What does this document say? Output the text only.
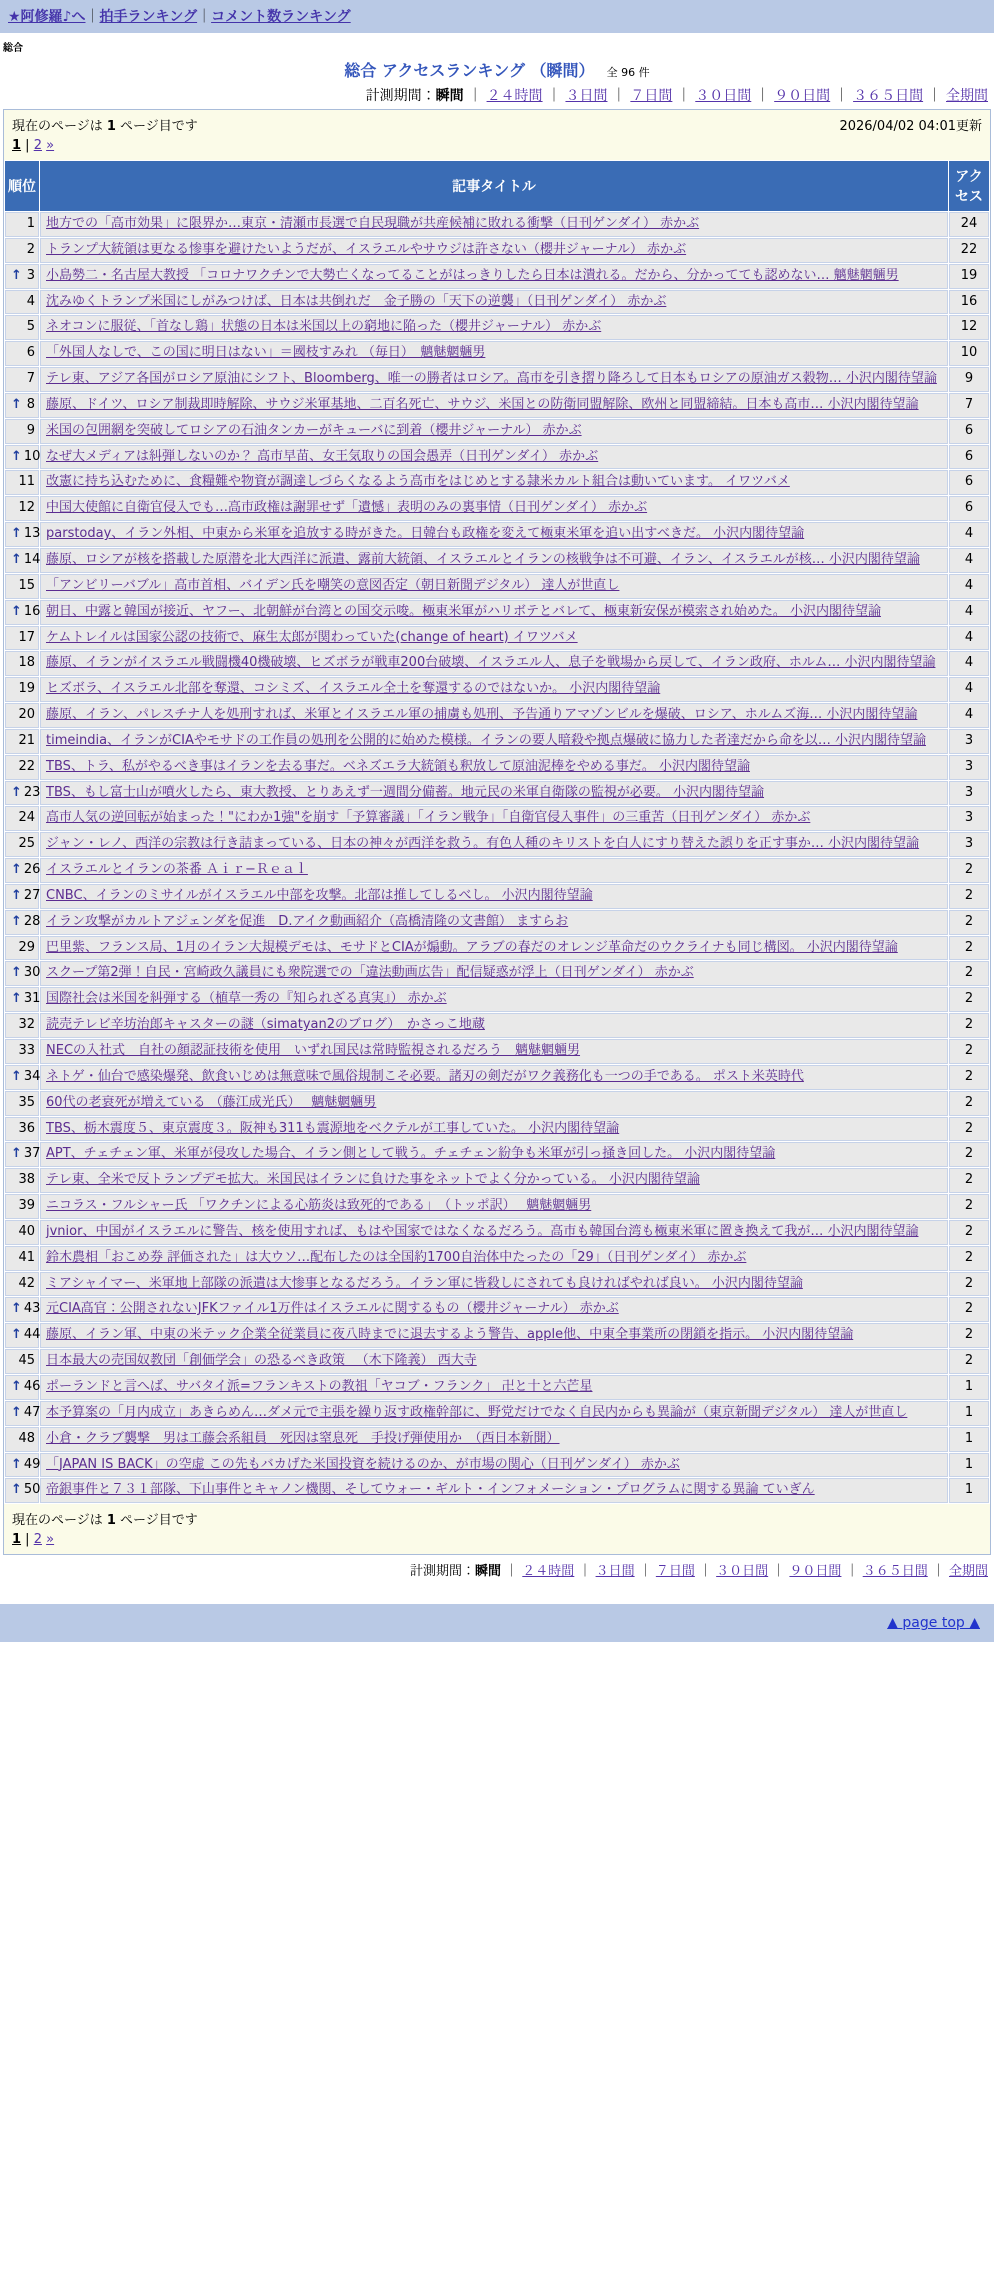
★阿修羅♪へ｜拍手ランキング｜コメント数ランキング
総合
総合 アクセスランキング （瞬間） 全 96 件
計測期間：瞬間 ｜ ２４時間 ｜ ３日間 ｜ ７日間 ｜ ３０日間 ｜ ９０日間 ｜ ３６５日間 ｜ 全期間
現在のページは 1 ページ目です	2026/04/02 04:01更新
1 | 2 »
順位	記事タイトル	アクセス
1	地方での「高市効果」に限界か…東京・清瀬市長選で自民現職が共産候補に敗れる衝撃（日刊ゲンダイ） 赤かぶ	24
2	トランプ大統領は更なる惨事を避けたいようだが、イスラエルやサウジは許さない（櫻井ジャーナル） 赤かぶ	22

↑ 3	小島勢二・名古屋大教授 「コロナワクチンで大勢亡くなってることがはっきりしたら日本は潰れる。だから、分かってても認めない… 魑魅魍魎男	19
4	沈みゆくトランプ米国にしがみつけば、日本は共倒れだ　金子勝の「天下の逆襲」（日刊ゲンダイ） 赤かぶ	16
5	ネオコンに服従、「首なし鶏」状態の日本は米国以上の窮地に陥った（櫻井ジャーナル） 赤かぶ	12
6	「外国人なしで、この国に明日はない」＝國枝すみれ （毎日）　魑魅魍魎男	10
7	テレ東、アジア各国がロシア原油にシフト、Bloomberg、唯一の勝者はロシア。高市を引き摺り降ろして日本もロシアの原油ガス穀物… 小沢内閣待望論	9

↑ 8	藤原、ドイツ、ロシア制裁即時解除、サウジ米軍基地、二百名死亡、サウジ、米国との防衛同盟解除、欧州と同盟締結。日本も高市… 小沢内閣待望論	7
9	米国の包囲網を突破してロシアの石油タンカーがキューバに到着（櫻井ジャーナル） 赤かぶ	6

↑ 10	なぜ大メディアは糾弾しないのか？ 高市早苗、女王気取りの国会愚弄（日刊ゲンダイ） 赤かぶ	6
11	改憲に持ち込むために、食糧難や物資が調達しづらくなるよう高市をはじめとする隷米カルト組合は動いています。 イワツバメ	6
12	中国大使館に自衛官侵入でも…高市政権は謝罪せず「遺憾」表明のみの裏事情（日刊ゲンダイ） 赤かぶ	6

↑ 13	parstoday、イラン外相、中東から米軍を追放する時がきた。日韓台も政権を変えて極東米軍を追い出すべきだ。 小沢内閣待望論	4

↑ 14	藤原、ロシアが核を搭載した原潜を北大西洋に派遣、露前大統領、イスラエルとイランの核戦争は不可避、イラン、イスラエルが核… 小沢内閣待望論	4
15	「アンビリーバブル」高市首相、バイデン氏を嘲笑の意図否定（朝日新聞デジタル） 達人が世直し	4

↑ 16	朝日、中露と韓国が接近、ヤフー、北朝鮮が台湾との国交示唆。極東米軍がハリボテとバレて、極東新安保が模索され始めた。 小沢内閣待望論	4
17	ケムトレイルは国家公認の技術で、麻生太郎が関わっていた(change of heart) イワツバメ	4
18	藤原、イランがイスラエル戦闘機40機破壊、ヒズボラが戦車200台破壊、イスラエル人、息子を戦場から戻して、イラン政府、ホルム… 小沢内閣待望論	4
19	ヒズボラ、イスラエル北部を奪還、コシミズ、イスラエル全土を奪還するのではないか。 小沢内閣待望論	4
20	藤原、イラン、パレスチナ人を処刑すれば、米軍とイスラエル軍の捕虜も処刑、予告通りアマゾンビルを爆破、ロシア、ホルムズ海… 小沢内閣待望論	4
21	timeindia、イランがCIAやモサドの工作員の処刑を公開的に始めた模様。イランの要人暗殺や拠点爆破に協力した者達だから命を以… 小沢内閣待望論	3
22	TBS、トラ、私がやるべき事はイランを去る事だ。ベネズエラ大統領も釈放して原油泥棒をやめる事だ。 小沢内閣待望論	3

↑ 23	TBS、もし富士山が噴火したら、東大教授、とりあえず一週間分備蓄。地元民の米軍自衛隊の監視が必要。 小沢内閣待望論	3
24	高市人気の逆回転が始まった！"にわか1強"を崩す「予算審議」「イラン戦争」「自衛官侵入事件」の三重苦（日刊ゲンダイ） 赤かぶ	3
25	ジャン・レノ、西洋の宗教は行き詰まっている、日本の神々が西洋を救う。有色人種のキリストを白人にすり替えた誤りを正す事か… 小沢内閣待望論	3

↑ 26	イスラエルとイランの茶番 Ａｉｒ−Ｒｅａｌ	2

↑ 27	CNBC、イランのミサイルがイスラエル中部を攻撃。北部は推してしるべし。 小沢内閣待望論	2

↑ 28	イラン攻撃がカルトアジェンダを促進　D.アイク動画紹介（高橋清隆の文書館） ますらお	2
29	巴里紫、フランス局、1月のイラン大規模デモは、モサドとCIAが煽動。アラブの春だのオレンジ革命だのウクライナも同じ構図。 小沢内閣待望論	2

↑ 30	スクープ第2弾！自民・宮崎政久議員にも衆院選での「違法動画広告」配信疑惑が浮上（日刊ゲンダイ） 赤かぶ	2

↑ 31	国際社会は米国を糾弾する（植草一秀の『知られざる真実』） 赤かぶ	2
32	読売テレビ辛坊治郎キャスターの謎（simatyan2のブログ）　かさっこ地蔵	2
33	NECの入社式　自社の顔認証技術を使用　いずれ国民は常時監視されるだろう　魑魅魍魎男	2

↑ 34	ネトゲ・仙台で感染爆発、飲食いじめは無意味で風俗規制こそ必要。諸刃の剣だがワク義務化も一つの手である。 ポスト米英時代	2
35	60代の老衰死が増えている （藤江成光氏）　 魑魅魍魎男	2
36	TBS、栃木震度５、東京震度３。阪神も311も震源地をベクテルが工事していた。 小沢内閣待望論	2

↑ 37	APT、チェチェン軍、米軍が侵攻した場合、イラン側として戦う。チェチェン紛争も米軍が引っ掻き回した。 小沢内閣待望論	2
38	テレ東、全米で反トランプデモ拡大。米国民はイランに負けた事をネットでよく分かっている。 小沢内閣待望論	2
39	ニコラス・フルシャー氏 「ワクチンによる心筋炎は致死的である」　（トッポ訳）　 魑魅魍魎男	2
40	jvnior、中国がイスラエルに警告、核を使用すれば、もはや国家ではなくなるだろう。高市も韓国台湾も極東米軍に置き換えて我が… 小沢内閣待望論	2
41	鈴木農相「おこめ券 評価された」は大ウソ…配布したのは全国約1700自治体中たったの「29」（日刊ゲンダイ） 赤かぶ	2
42	ミアシャイマー、米軍地上部隊の派遣は大惨事となるだろう。イラン軍に皆殺しにされても良ければやれば良い。 小沢内閣待望論	2

↑ 43	元CIA高官：公開されないJFKファイル1万件はイスラエルに関するもの（櫻井ジャーナル） 赤かぶ	2

↑ 44	藤原、イラン軍、中東の米テック企業全従業員に夜八時までに退去するよう警告、apple他、中東全事業所の閉鎖を指示。 小沢内閣待望論	2
45	日本最大の売国奴教団「創価学会」の恐るべき政策 　（木下隆義） 西大寺	2

↑ 46	ポーランドと言へば、サバタイ派=フランキストの教祖「ヤコブ・フランク」 卍と十と六芒星	1

↑ 47	本予算案の「月内成立」あきらめん…ダメ元で主張を繰り返す政権幹部に、野党だけでなく自民内からも異論が（東京新聞デジタル） 達人が世直し	1
48	小倉・クラブ襲撃　男は工藤会系組員　死因は窒息死　手投げ弾使用か　（西日本新聞）	1

↑ 49	「JAPAN IS BACK」の空虚 この先もバカげた米国投資を続けるのか、が市場の関心（日刊ゲンダイ） 赤かぶ	1

↑ 50	帝銀事件と７３１部隊、下山事件とキャノン機関、そしてウォー・ギルト・インフォメーション・プログラムに関する異論 ていぎん	1
現在のページは 1 ページ目です
1 | 2 »
計測期間：瞬間 ｜ ２４時間 ｜ ３日間 ｜ ７日間 ｜ ３０日間 ｜ ９０日間 ｜ ３６５日間 ｜ 全期間
▲ page top ▲
